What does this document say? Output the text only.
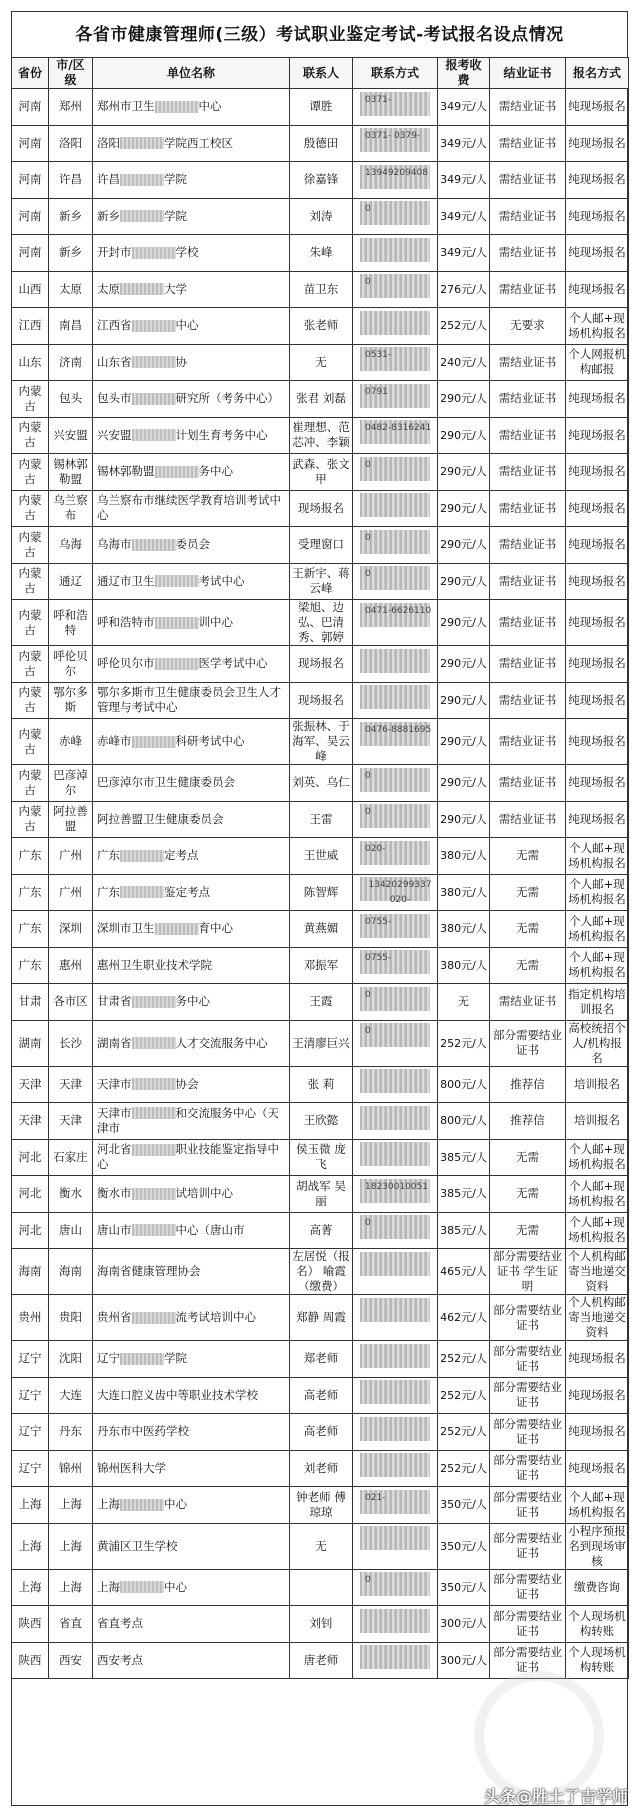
各省市健康管理师(三级）考试职业鉴定考试-考试报名设点情况
省份	市/区级	单位名称	联系人	联系方式	报考收费	结业证书	报名方式
河南	郑州	郑州市卫生 中心	谭胜	0371-	349元/人	需结业证书	纯现场报名
河南	洛阳	洛阳 学院西工校区	殷德田	0371- 0379-	349元/人	需结业证书	纯现场报名
河南	许昌	许昌 学院	徐嘉锋	13949209408	349元/人	需结业证书	纯现场报名
河南	新乡	新乡 学院	刘涛	0	349元/人	需结业证书	纯现场报名
河南	新乡	开封市 学校	朱峰		349元/人	需结业证书	纯现场报名
山西	太原	太原 大学	苗卫东	0	276元/人	需结业证书	纯现场报名
江西	南昌	江西省 中心	张老师		252元/人	无要求	个人邮+现场机构报名
山东	济南	山东省 协	无	0531-	240元/人	需结业证书	个人网报机构邮报
内蒙古	包头	包头市 研究所（考务中心）	张君 刘磊	0791	290元/人	需结业证书	纯现场报名
内蒙古	兴安盟	兴安盟 计划生育考务中心	崔理想、范芯冲、李颖	0482-8316241	290元/人	需结业证书	纯现场报名
内蒙古	锡林郭勒盟	锡林郭勒盟 务中心	武森、张文甲	0	290元/人	需结业证书	纯现场报名
内蒙古	乌兰察布	乌兰察布市继续医学教育培训考试中心	现场报名		290元/人	需结业证书	纯现场报名
内蒙古	乌海	乌海市 委员会	受理窗口	0	290元/人	需结业证书	纯现场报名
内蒙古	通辽	通辽市卫生 考试中心	王新宇、蒋云峰	0	290元/人	需结业证书	纯现场报名
内蒙古	呼和浩特	呼和浩特市 训中心	梁旭、边弘、巴清秀、郭婷	0471-6626110	290元/人	需结业证书	纯现场报名
内蒙古	呼伦贝尔	呼伦贝尔市 医学考试中心	现场报名		290元/人	需结业证书	纯现场报名
内蒙古	鄂尔多斯	鄂尔多斯市卫生健康委员会卫生人才管理与考试中心	现场报名		290元/人	需结业证书	纯现场报名
内蒙古	赤峰	赤峰市 科研考试中心	张振林、于海军、吴云峰	0476-8881695	290元/人	需结业证书	纯现场报名
内蒙古	巴彦淖尔	巴彦淖尔市卫生健康委员会	刘英、乌仁	0	290元/人	需结业证书	纯现场报名
内蒙古	阿拉善盟	阿拉善盟卫生健康委员会	王雷	0	290元/人	需结业证书	纯现场报名
广东	广州	广东 定考点	王世威	020-	380元/人	无需	个人邮+现场机构报名
广东	广州	广东 鉴定考点	陈智辉	13420299337 020-	380元/人	无需	个人邮+现场机构报名
广东	深圳	深圳市卫生 育中心	黄燕媚	0755-	380元/人	无需	个人邮+现场机构报名
广东	惠州	惠州卫生职业技术学院	邓振军	0755-	380元/人	无需	个人邮+现场机构报名
甘肃	各市区	甘肃省 务中心	王霞	0	无	需结业证书	指定机构培训报名
湖南	长沙	湖南省 人才交流服务中心	王清廖巨兴	0	252元/人	部分需要结业证书	高校统招个人/机构报名
天津	天津	天津市 协会	张 莉		800元/人	推荐信	培训报名
天津	天津	天津市 和交流服务中心（天津市	王欣懿		800元/人	推荐信	培训报名
河北	石家庄	河北省 职业技能鉴定指导中心	侯玉微 庞飞		385元/人	无需	个人邮+现场机构报名
河北	衡水	衡水市 试培训中心	胡战军 吴丽	18230010051	385元/人	无需	个人邮+现场机构报名
河北	唐山	唐山市 中心（唐山市	高菁	0	385元/人	无需	个人邮+现场机构报名
海南	海南	海南省健康管理协会	左居悦（报名） 喻霞（缴费）		465元/人	部分需要结业证书 学生证明	个人机构邮寄当地递交资料
贵州	贵阳	贵州省 流考试培训中心	郑静 周霞		462元/人	部分需要结业证书	个人机构邮寄当地递交资料
辽宁	沈阳	辽宁 学院	郑老师		252元/人	部分需要结业证书	纯现场报名
辽宁	大连	大连口腔义齿中等职业技术学校	高老师		252元/人	部分需要结业证书	纯现场报名
辽宁	丹东	丹东市中医药学校	高老师		252元/人	部分需要结业证书	纯现场报名
辽宁	锦州	锦州医科大学	刘老师		252元/人	部分需要结业证书	纯现场报名
上海	上海	上海 中心	钟老师 傅琼琼	021-	350元/人	部分需要结业证书	个人邮+现场机构报名
上海	上海	黄浦区卫生学校	无		350元/人	部分需要结业证书	小程序预报名到现场审核
上海	上海	上海 中心		0	350元/人	部分需要结业证书	缴费咨询
陕西	省直	省直考点	刘钊		300元/人	部分需要结业证书	个人现场机构转账
陕西	西安	西安考点	唐老师		300元/人	部分需要结业证书	个人现场机构转账
头条@胜土了吉学师
